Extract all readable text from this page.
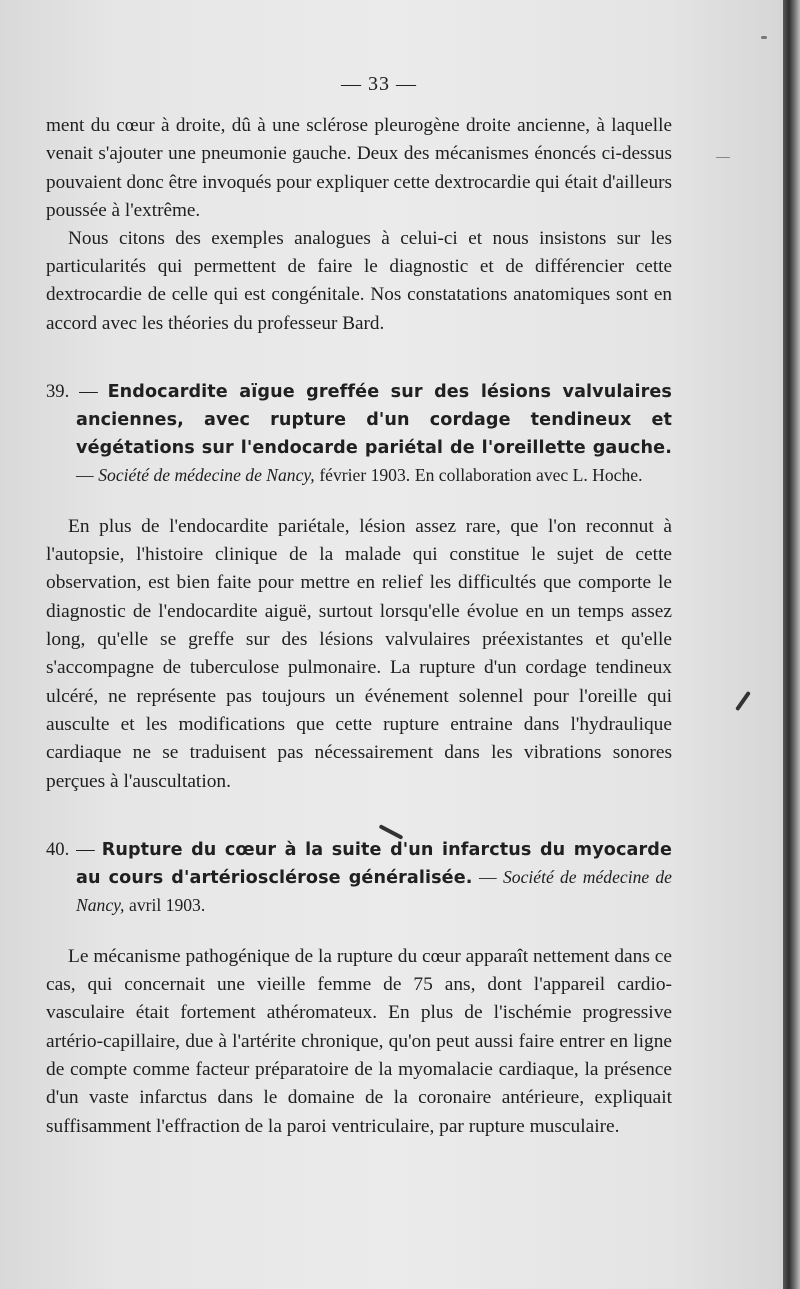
— 33 —

ment du cœur à droite, dû à une sclérose pleurogène droite ancienne, à laquelle venait s'ajouter une pneumonie gauche. Deux des mécanismes énoncés ci-dessus pouvaient donc être invoqués pour expliquer cette dextrocardie qui était d'ailleurs poussée à l'extrême.

Nous citons des exemples analogues à celui-ci et nous insistons sur les particularités qui permettent de faire le diagnostic et de différencier cette dextrocardie de celle qui est congénitale. Nos constatations anatomiques sont en accord avec les théories du professeur Bard.

39. — Endocardite aïgue greffée sur des lésions valvulaires anciennes, avec rupture d'un cordage tendineux et végétations sur l'endocarde pariétal de l'oreillette gauche. — Société de médecine de Nancy, février 1903. En collaboration avec L. Hoche.

En plus de l'endocardite pariétale, lésion assez rare, que l'on reconnut à l'autopsie, l'histoire clinique de la malade qui constitue le sujet de cette observation, est bien faite pour mettre en relief les difficultés que comporte le diagnostic de l'endocardite aiguë, surtout lorsqu'elle évolue en un temps assez long, qu'elle se greffe sur des lésions valvulaires préexistantes et qu'elle s'accompagne de tuberculose pulmonaire. La rupture d'un cordage tendineux ulcéré, ne représente pas toujours un événement solennel pour l'oreille qui ausculte et les modifications que cette rupture entraine dans l'hydraulique cardiaque ne se traduisent pas nécessairement dans les vibrations sonores perçues à l'auscultation.

40. — Rupture du cœur à la suite d'un infarctus du myocarde au cours d'artériosclérose généralisée. — Société de médecine de Nancy, avril 1903.

Le mécanisme pathogénique de la rupture du cœur apparaît nettement dans ce cas, qui concernait une vieille femme de 75 ans, dont l'appareil cardio-vasculaire était fortement athéromateux. En plus de l'ischémie progressive artério-capillaire, due à l'artérite chronique, qu'on peut aussi faire entrer en ligne de compte comme facteur préparatoire de la myomalacie cardiaque, la présence d'un vaste infarctus dans le domaine de la coronaire antérieure, expliquait suffisamment l'effraction de la paroi ventriculaire, par rupture musculaire.
